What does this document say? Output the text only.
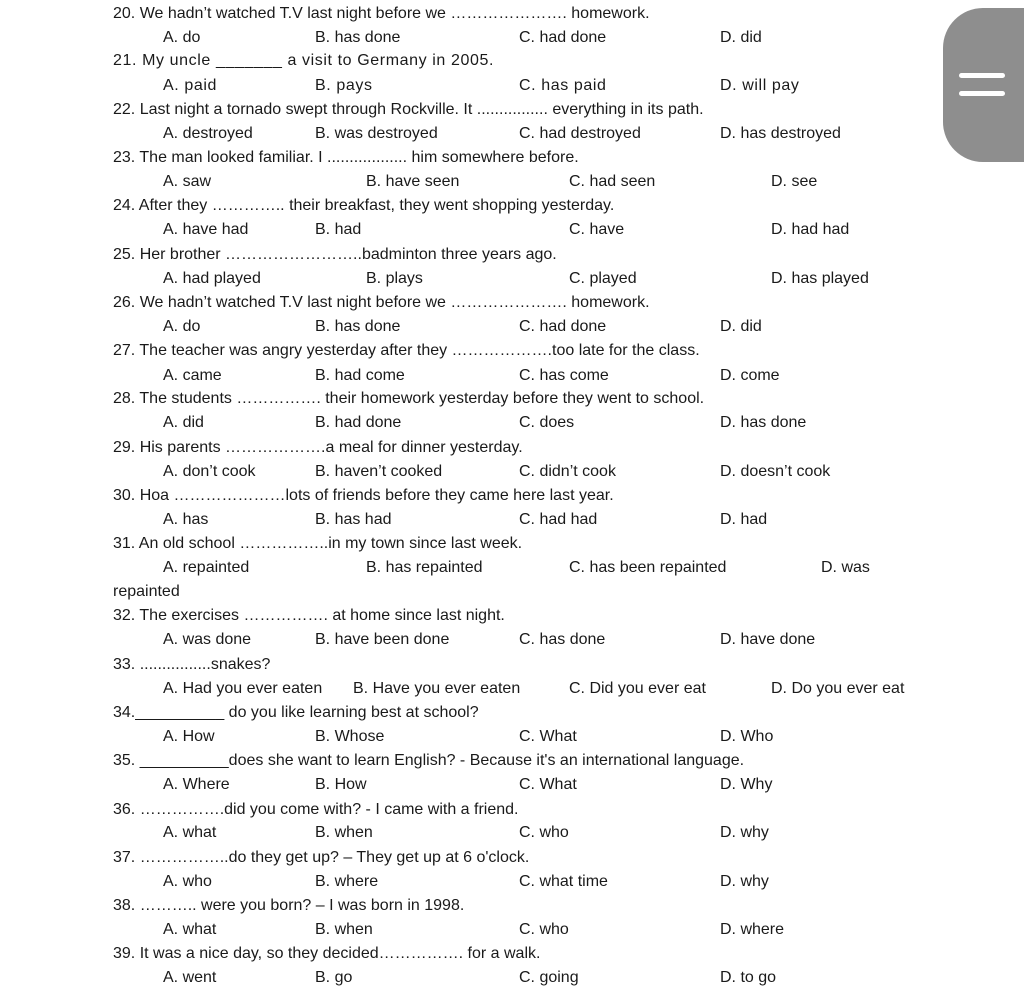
20. We hadn’t watched T.V last night before we …………………. homework.
A. do	B. has done	C. had done	D. did
21. My uncle _______ a visit to Germany in 2005.
A. paid	B. pays	C. has paid	D. will pay
22. Last night a tornado swept through Rockville. It ................ everything in its path.
A. destroyed	B. was destroyed	C. had destroyed	D. has destroyed
23. The man looked familiar. I .................. him somewhere before.
A. saw	B. have seen	C. had seen	D. see
24. After they ………….. their breakfast, they went shopping yesterday.
A. have had	B. had	C. have	D. had had
25. Her brother ……………………..badminton three years ago.
A. had played	B. plays	C. played	D. has played
26. We hadn’t watched T.V last night before we …………………. homework.
A. do	B. has done	C. had done	D. did
27. The teacher was angry yesterday after they ……………….too late for the class.
A. came	B. had come	C. has come	D. come
28. The students ……………. their homework yesterday before they went to school.
A. did	B. had done	C. does	D. has done
29. His parents ……………….a meal for dinner yesterday.
A. don’t cook	B. haven’t cooked	C. didn’t cook	D. doesn’t cook
30. Hoa …………………lots of friends before they came here last year.
A. has	B. has had	C. had had	D. had
31. An old school ……………..in my town since last week.
A. repainted	B. has repainted	C. has been repainted	D. was
repainted
32. The exercises ……………. at home since last night.
A. was done	B. have been done	C. has done	D. have done
33. ................snakes?
A. Had you ever eaten B. Have you ever eaten	C. Did you ever eat	D. Do you ever eat
34.__________ do you like learning best at school?
A. How	B. Whose	C. What	D. Who
35. __________does she want to learn English? - Because it's an international language.
A. Where	B. How	C. What	D. Why
36. …………….did you come with? - I came with a friend.
A. what	B. when	C. who	D. why
37. ……………..do they get up? – They get up at 6 o'clock.
A. who	B. where	C. what time	D. why
38. ……….. were you born? – I was born in 1998.
A. what	B. when	C. who	D. where
39. It was a nice day, so they decided……………. for a walk.
A. went	B. go	C. going	D. to go
